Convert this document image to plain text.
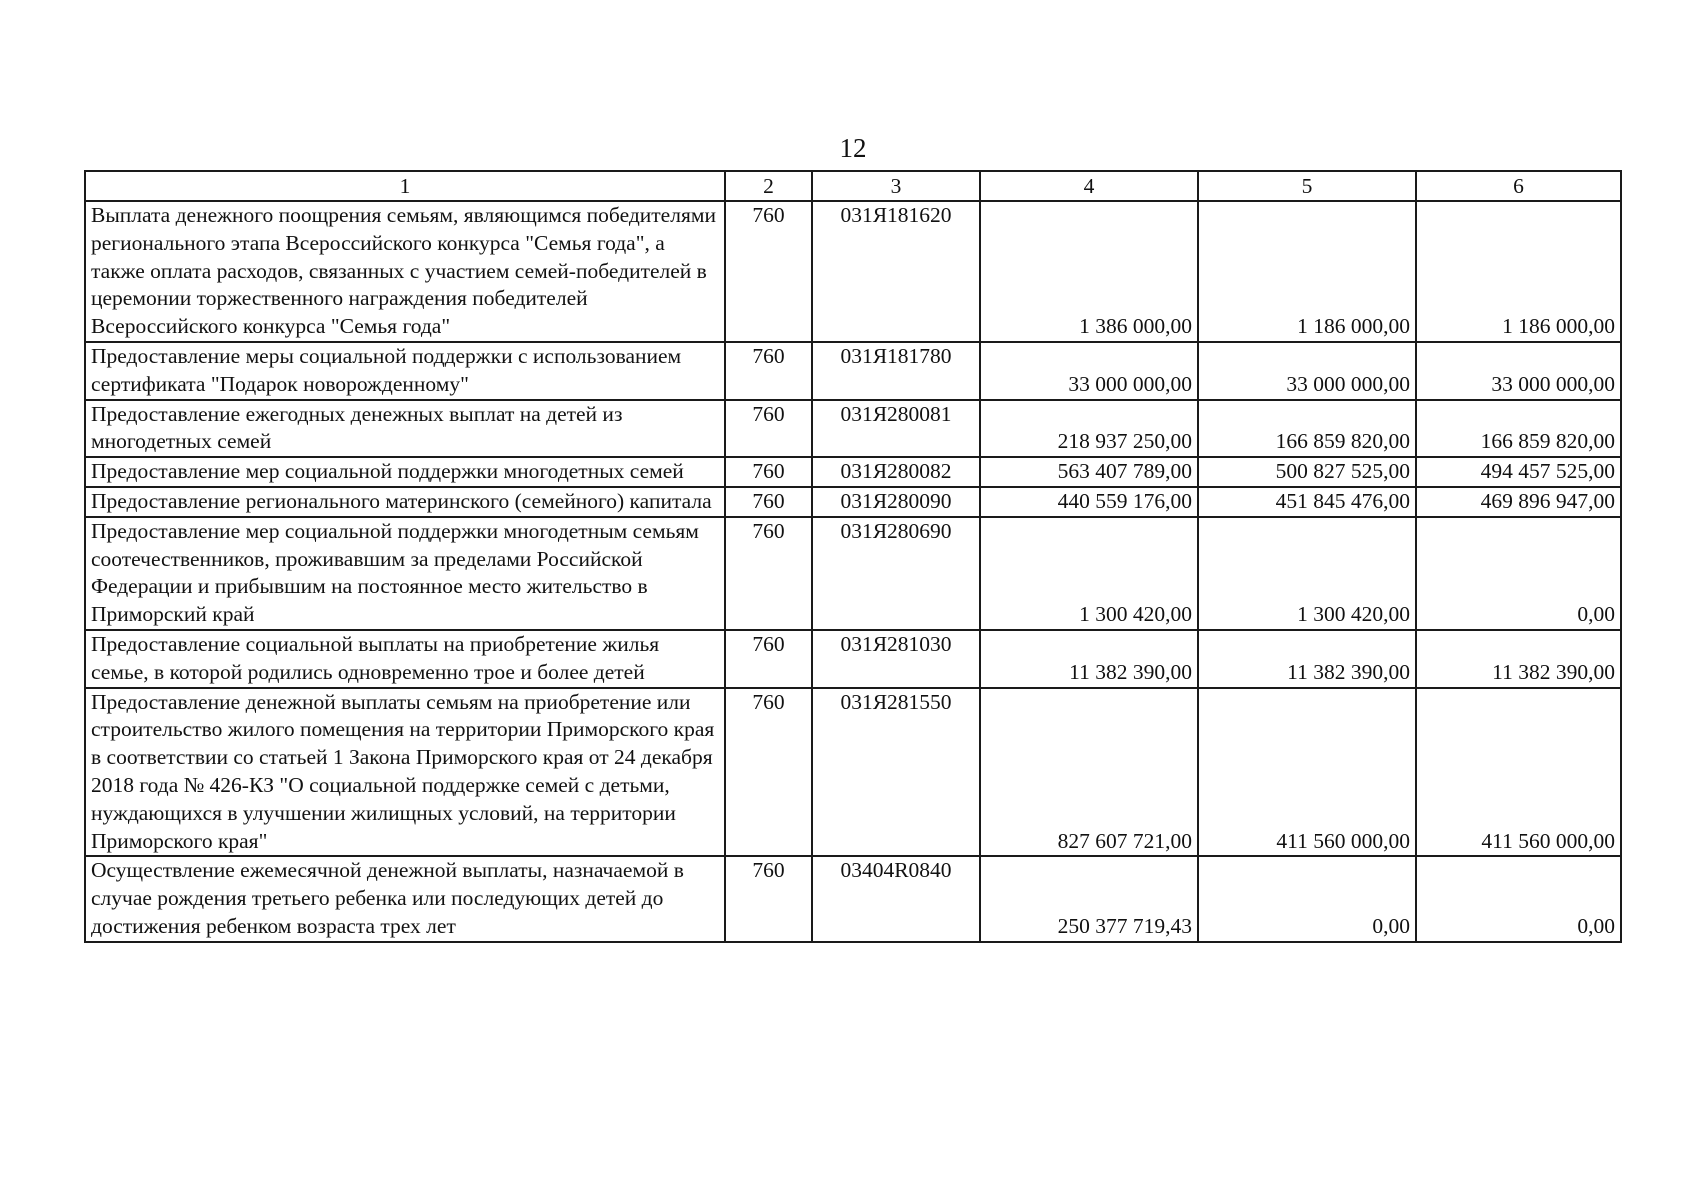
12
1	2	3	4	5	6
Выплата денежного поощрения семьям, являющимся победителями регионального этапа Всероссийского конкурса "Семья года", а также оплата расходов, связанных с участием семей-победителей в церемонии торжественного награждения победителей Всероссийского конкурса "Семья года"	760	031Я181620	1 386 000,00	1 186 000,00	1 186 000,00
Предоставление меры социальной поддержки с использованием сертификата "Подарок новорожденному"	760	031Я181780	33 000 000,00	33 000 000,00	33 000 000,00
Предоставление ежегодных денежных выплат на детей из многодетных семей	760	031Я280081	218 937 250,00	166 859 820,00	166 859 820,00
Предоставление мер социальной поддержки многодетных семей	760	031Я280082	563 407 789,00	500 827 525,00	494 457 525,00
Предоставление регионального материнского (семейного) капитала	760	031Я280090	440 559 176,00	451 845 476,00	469 896 947,00
Предоставление мер социальной поддержки многодетным семьям соотечественников, проживавшим за пределами Российской Федерации и прибывшим на постоянное место жительство в Приморский край	760	031Я280690	1 300 420,00	1 300 420,00	0,00
Предоставление социальной выплаты на приобретение жилья семье, в которой родились одновременно трое и более детей	760	031Я281030	11 382 390,00	11 382 390,00	11 382 390,00
Предоставление денежной выплаты семьям на приобретение или строительство жилого помещения на территории Приморского края в соответствии со статьей 1 Закона Приморского края от 24 декабря 2018 года № 426-КЗ "О социальной поддержке семей с детьми, нуждающихся в улучшении жилищных условий, на территории Приморского края"	760	031Я281550	827 607 721,00	411 560 000,00	411 560 000,00
Осуществление ежемесячной денежной выплаты, назначаемой в случае рождения третьего ребенка или последующих детей до достижения ребенком возраста трех лет	760	03404R0840	250 377 719,43	0,00	0,00
